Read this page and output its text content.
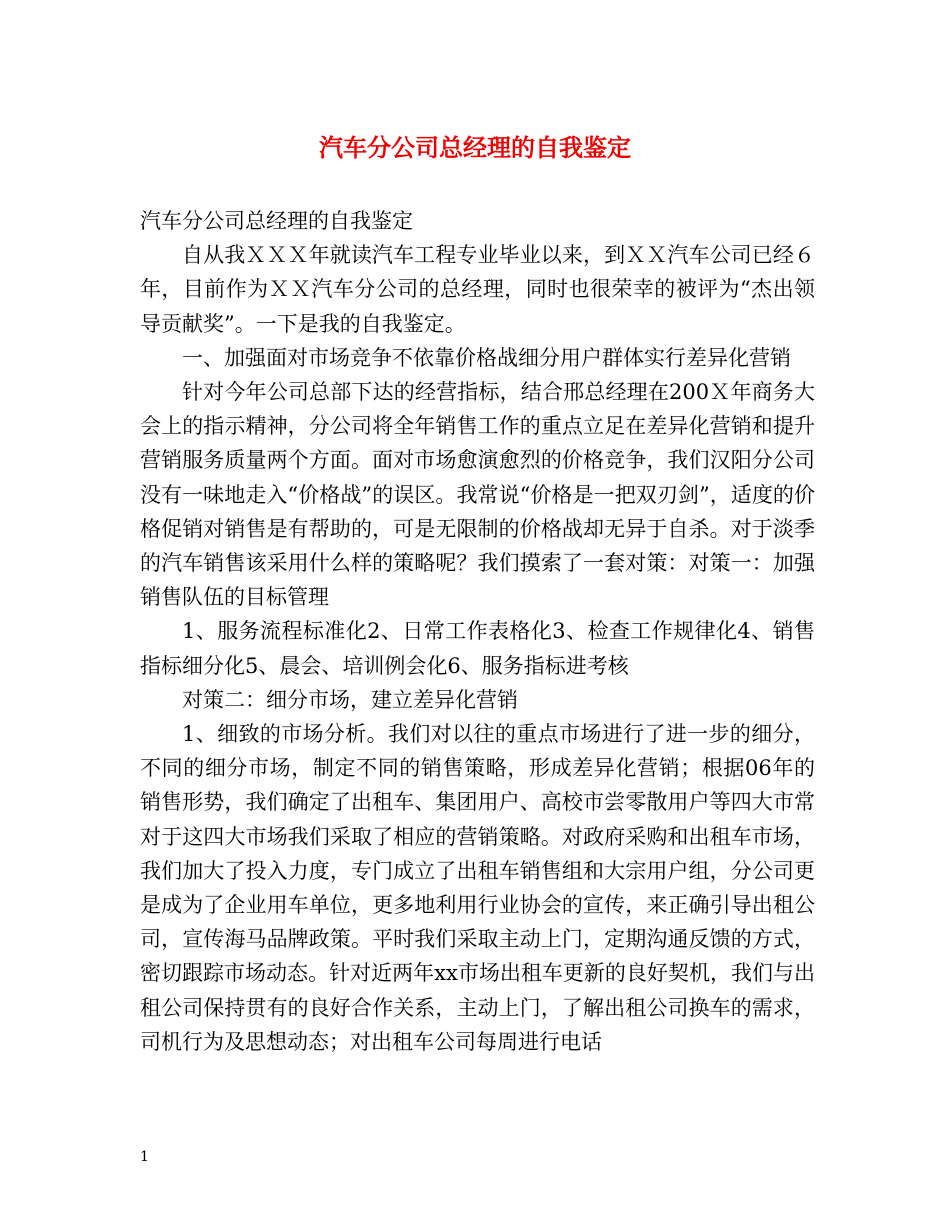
汽车分公司总经理的自我鉴定

汽车分公司总经理的自我鉴定

自从我ＸＸＸ年就读汽车工程专业毕业以来，到ＸＸ汽车公司已经６年，目前作为ＸＸ汽车分公司的总经理，同时也很荣幸的被评为“杰出领导贡献奖”。一下是我的自我鉴定。

一、加强面对市场竞争不依靠价格战细分用户群体实行差异化营销

针对今年公司总部下达的经营指标，结合邢总经理在200Ｘ年商务大会上的指示精神，分公司将全年销售工作的重点立足在差异化营销和提升营销服务质量两个方面。面对市场愈演愈烈的价格竞争，我们汉阳分公司没有一味地走入“价格战”的误区。我常说“价格是一把双刃剑”，适度的价格促销对销售是有帮助的，可是无限制的价格战却无异于自杀。对于淡季的汽车销售该采用什么样的策略呢？我们摸索了一套对策：对策一：加强销售队伍的目标管理

1、服务流程标准化2、日常工作表格化3、检查工作规律化4、销售指标细分化5、晨会、培训例会化6、服务指标进考核

对策二：细分市场，建立差异化营销

1、细致的市场分析。我们对以往的重点市场进行了进一步的细分，不同的细分市场，制定不同的销售策略，形成差异化营销；根据06年的销售形势，我们确定了出租车、集团用户、高校市尝零散用户等四大市常对于这四大市场我们采取了相应的营销策略。对政府采购和出租车市场，我们加大了投入力度，专门成立了出租车销售组和大宗用户组，分公司更是成为了企业用车单位，更多地利用行业协会的宣传，来正确引导出租公司，宣传海马品牌政策。平时我们采取主动上门，定期沟通反馈的方式，密切跟踪市场动态。针对近两年xx市场出租车更新的良好契机，我们与出租公司保持贯有的良好合作关系，主动上门，了解出租公司换车的需求，司机行为及思想动态；对出租车公司每周进行电话

1
